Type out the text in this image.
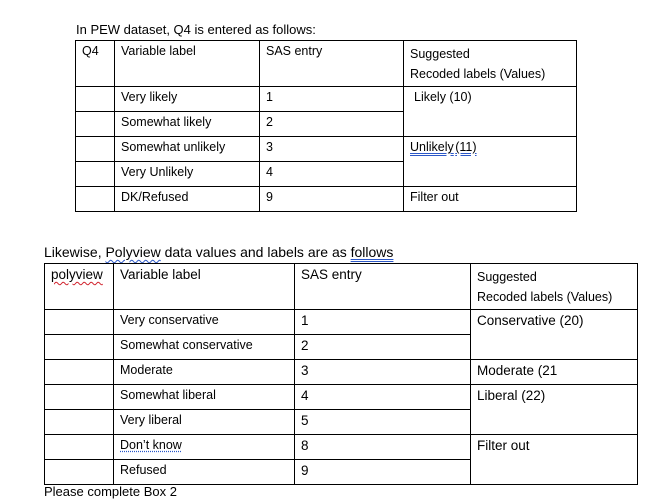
In PEW dataset, Q4 is entered as follows:
Q4	Variable label	SAS entry	Suggested
Recoded labels (Values)

	Very likely	1	Likely (10)
	Somewhat likely	2	
	Somewhat unlikely	3	Unlikely (11)
	Very Unlikely	4	
	DK/Refused	9	Filter out
Likewise, Polyview data values and labels are as follows
polyview	Variable label	SAS entry	Suggested
Recoded labels (Values)

	Very conservative	1	Conservative (20)
	Somewhat conservative	2	
	Moderate	3	Moderate (21
	Somewhat liberal	4	Liberal (22)
	Very liberal	5	
	Don’t know	8	Filter out
	Refused	9	
Please complete Box 2
